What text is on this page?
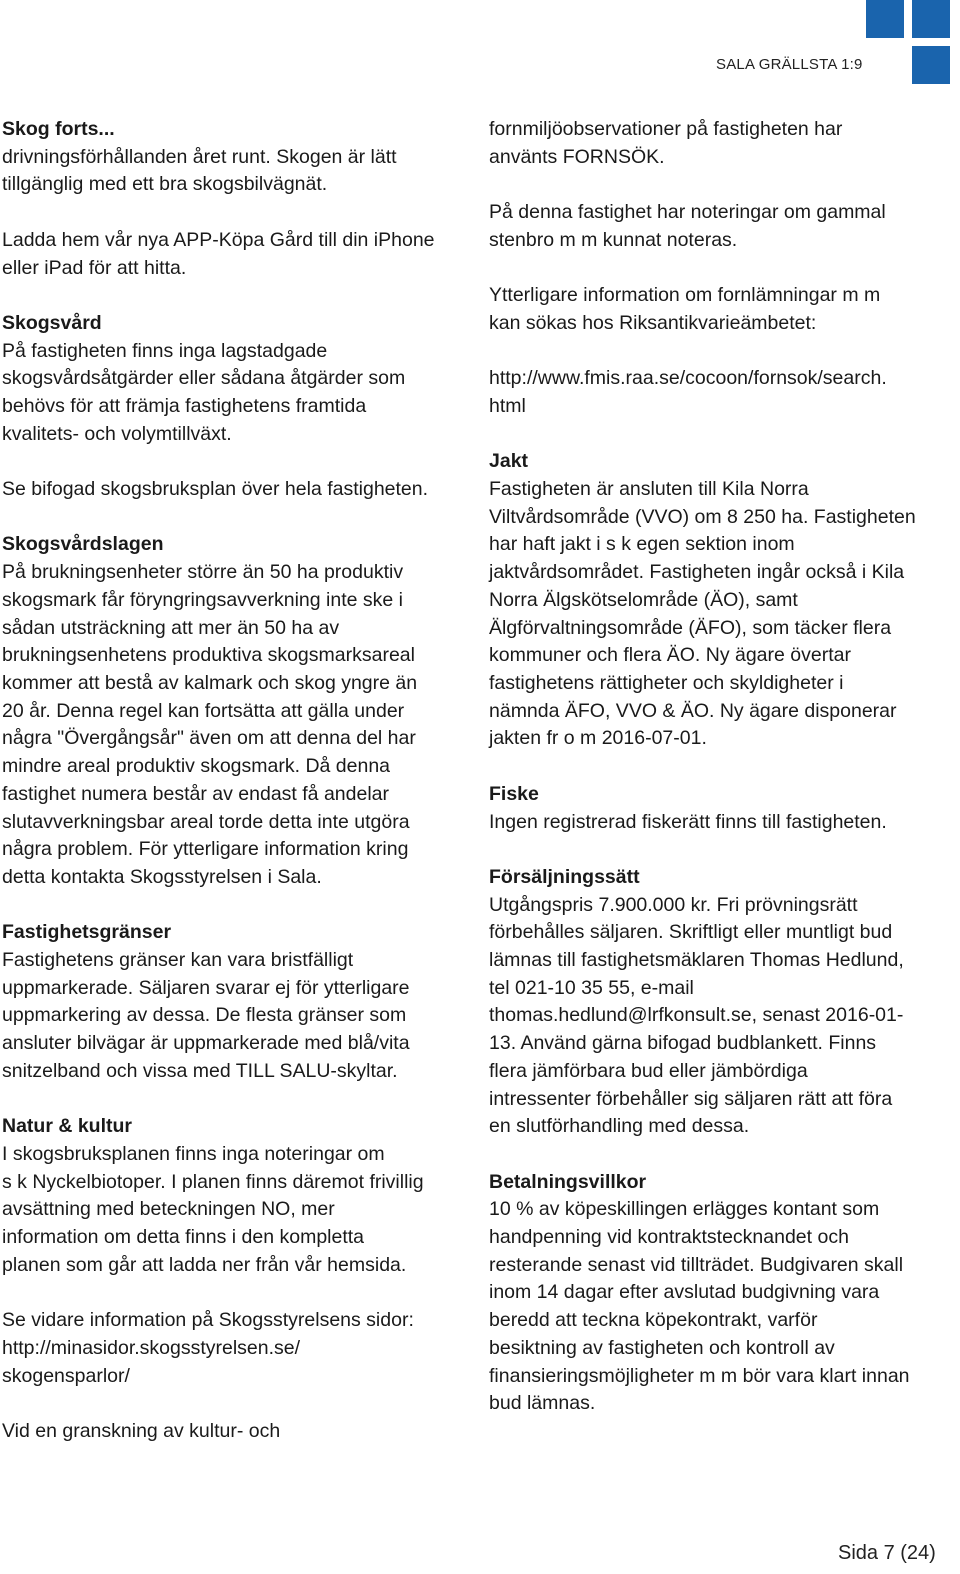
SALA GRÄLLSTA 1:9
Skog forts...

drivningsförhållanden året runt. Skogen är lätt
tillgänglig med ett bra skogsbilvägnät.

Ladda hem vår nya APP-Köpa Gård till din iPhone
eller iPad för att hitta.

Skogsvård

På fastigheten finns inga lagstadgade
skogsvårdsåtgärder eller sådana åtgärder som
behövs för att främja fastighetens framtida
kvalitets- och volymtillväxt.

Se bifogad skogsbruksplan över hela fastigheten.

Skogsvårdslagen

På brukningsenheter större än 50 ha produktiv
skogsmark får föryngringsavverkning inte ske i
sådan utsträckning att mer än 50 ha av
brukningsenhetens produktiva skogsmarksareal
kommer att bestå av kalmark och skog yngre än
20 år. Denna regel kan fortsätta att gälla under
några "Övergångsår" även om att denna del har
mindre areal produktiv skogsmark. Då denna
fastighet numera består av endast få andelar
slutavverkningsbar areal torde detta inte utgöra
några problem. För ytterligare information kring
detta kontakta Skogsstyrelsen i Sala.

Fastighetsgränser

Fastighetens gränser kan vara bristfälligt
uppmarkerade. Säljaren svarar ej för ytterligare
uppmarkering av dessa. De flesta gränser som
ansluter bilvägar är uppmarkerade med blå/vita
snitzelband och vissa med TILL SALU-skyltar.

Natur & kultur

I skogsbruksplanen finns inga noteringar om
s k Nyckelbiotoper. I planen finns däremot frivillig
avsättning med beteckningen NO, mer
information om detta finns i den kompletta
planen som går att ladda ner från vår hemsida.

Se vidare information på Skogsstyrelsens sidor:
http://minasidor.skogsstyrelsen.se/
skogensparlor/

Vid en granskning av kultur- och

fornmiljöobservationer på fastigheten har
använts FORNSÖK.

På denna fastighet har noteringar om gammal
stenbro m m kunnat noteras.

Ytterligare information om fornlämningar m m
kan sökas hos Riksantikvarieämbetet:

http://www.fmis.raa.se/cocoon/fornsok/search.
html

Jakt

Fastigheten är ansluten till Kila Norra
Viltvårdsområde (VVO) om 8 250 ha. Fastigheten
har haft jakt i s k egen sektion inom
jaktvårdsområdet. Fastigheten ingår också i Kila
Norra Älgskötselområde (ÄO), samt
Älgförvaltningsområde (ÄFO), som täcker flera
kommuner och flera ÄO. Ny ägare övertar
fastighetens rättigheter och skyldigheter i
nämnda ÄFO, VVO & ÄO. Ny ägare disponerar
jakten fr o m 2016-07-01.

Fiske

Ingen registrerad fiskerätt finns till fastigheten.

Försäljningssätt

Utgångspris 7.900.000 kr. Fri prövningsrätt
förbehålles säljaren. Skriftligt eller muntligt bud
lämnas till fastighetsmäklaren Thomas Hedlund,
tel 021-10 35 55, e-mail
thomas.hedlund@lrfkonsult.se, senast 2016-01-
13. Använd gärna bifogad budblankett. Finns
flera jämförbara bud eller jämbördiga
intressenter förbehåller sig säljaren rätt att föra
en slutförhandling med dessa.

Betalningsvillkor

10 % av köpeskillingen erlägges kontant som
handpenning vid kontraktstecknandet och
resterande senast vid tillträdet. Budgivaren skall
inom 14 dagar efter avslutad budgivning vara
beredd att teckna köpekontrakt, varför
besiktning av fastigheten och kontroll av
finansieringsmöjligheter m m bör vara klart innan
bud lämnas.

Sida 7 (24)
